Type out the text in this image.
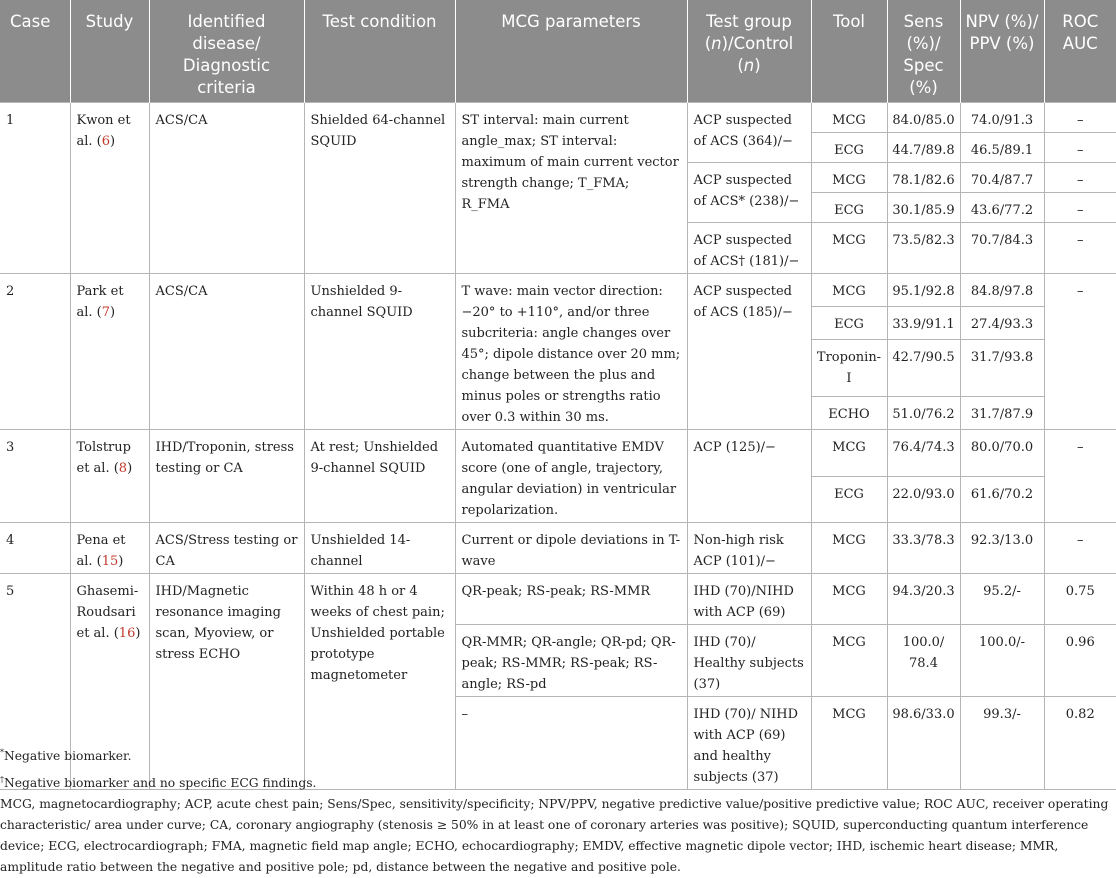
Case	Study	Identified disease/ Diagnostic criteria	Test condition	MCG parameters	Test group (n)/Control (n)	Tool	Sens (%)/ Spec (%)	NPV (%)/ PPV (%)	ROC AUC
1	Kwon et al. (6)	ACS/CA	Shielded 64-channel SQUID	ST interval: main current angle_max; ST interval: maximum of main current vector strength change; T_FMA; R_FMA	ACP suspected of ACS (364)/−	MCG	84.0/85.0	74.0/91.3	–
						ECG	44.7/89.8	46.5/89.1	–
					ACP suspected of ACS* (238)/−	MCG	78.1/82.6	70.4/87.7	–
						ECG	30.1/85.9	43.6/77.2	–
					ACP suspected of ACS† (181)/−	MCG	73.5/82.3	70.7/84.3	–
2	Park et al. (7)	ACS/CA	Unshielded 9-channel SQUID	T wave: main vector direction: −20° to +110°, and/or three subcriteria: angle changes over 45°; dipole distance over 20 mm; change between the plus and minus poles or strengths ratio over 0.3 within 30 ms.	ACP suspected of ACS (185)/−	MCG	95.1/92.8	84.8/97.8	–
						ECG	33.9/91.1	27.4/93.3	
						Troponin-I	42.7/90.5	31.7/93.8	
						ECHO	51.0/76.2	31.7/87.9	
3	Tolstrup et al. (8)	IHD/Troponin, stress testing or CA	At rest; Unshielded 9-channel SQUID	Automated quantitative EMDV score (one of angle, trajectory, angular deviation) in ventricular repolarization.	ACP (125)/−	MCG	76.4/74.3	80.0/70.0	–
						ECG	22.0/93.0	61.6/70.2	
4	Pena et al. (15)	ACS/Stress testing or CA	Unshielded 14-channel	Current or dipole deviations in T-wave	Non-high risk ACP (101)/−	MCG	33.3/78.3	92.3/13.0	–
5	Ghasemi-Roudsari et al. (16)	IHD/Magnetic resonance imaging scan, Myoview, or stress ECHO	Within 48 h or 4 weeks of chest pain; Unshielded portable prototype magnetometer	QR-peak; RS-peak; RS-MMR	IHD (70)/NIHD with ACP (69)	MCG	94.3/20.3	95.2/-	0.75
				QR-MMR; QR-angle; QR-pd; QR-peak; RS-MMR; RS-peak; RS-angle; RS-pd	IHD (70)/ Healthy subjects (37)	MCG	100.0/ 78.4	100.0/-	0.96
				–	IHD (70)/ NIHD with ACP (69) and healthy subjects (37)	MCG	98.6/33.0	99.3/-	0.82

*Negative biomarker.

†Negative biomarker and no specific ECG findings.

MCG, magnetocardiography; ACP, acute chest pain; Sens/Spec, sensitivity/specificity; NPV/PPV, negative predictive value/positive predictive value; ROC AUC, receiver operating characteristic/ area under curve; CA, coronary angiography (stenosis ≥ 50% in at least one of coronary arteries was positive); SQUID, superconducting quantum interference device; ECG, electrocardiograph; FMA, magnetic field map angle; ECHO, echocardiography; EMDV, effective magnetic dipole vector; IHD, ischemic heart disease; MMR, amplitude ratio between the negative and positive pole; pd, distance between the negative and positive pole.
